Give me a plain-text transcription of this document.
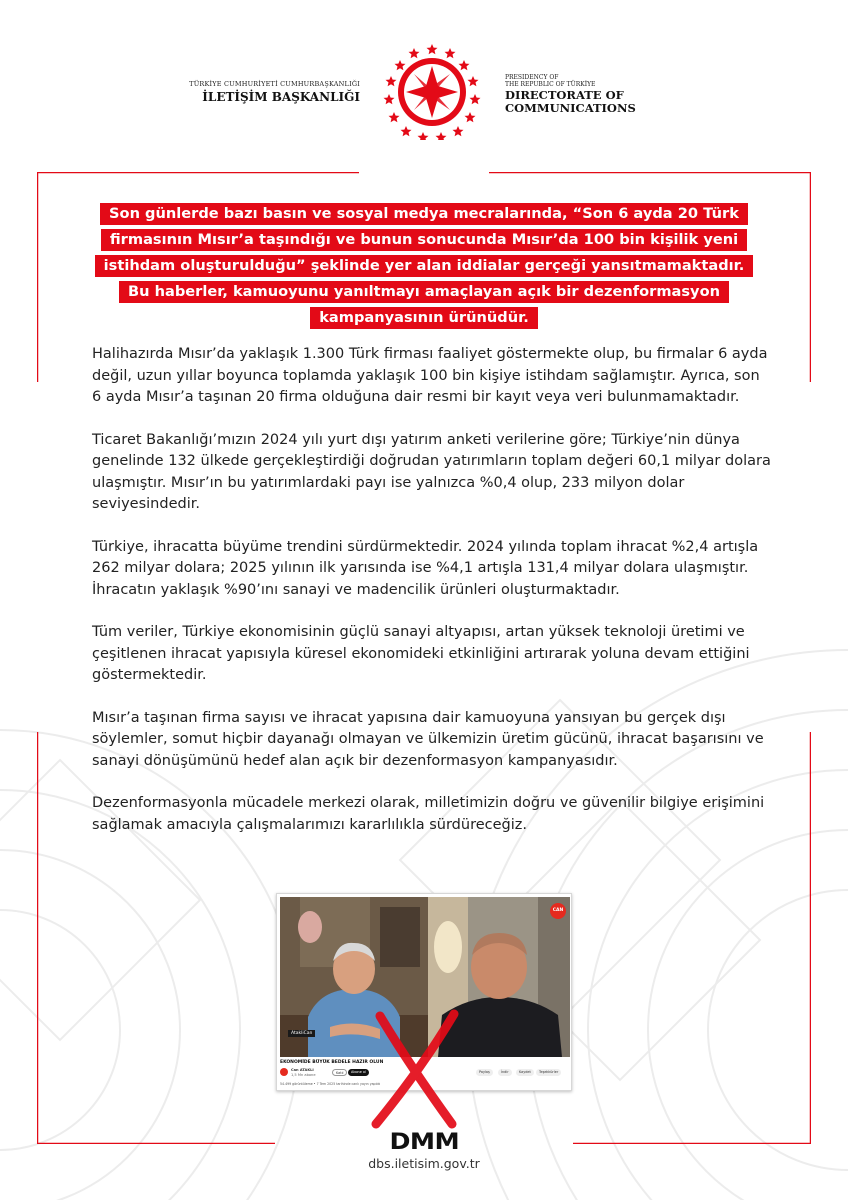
TÜRKİYE CUMHURİYETİ CUMHURBAŞKANLIĞI
İLETİŞİM BAŞKANLIĞI
PRESIDENCY OF
THE REPUBLIC OF TÜRKİYE
DIRECTORATE OF
COMMUNICATIONS
Son günlerde bazı basın ve sosyal medya mecralarında, “Son 6 ayda 20 Türk
firmasının Mısır’a taşındığı ve bunun sonucunda Mısır’da 100 bin kişilik yeni
istihdam oluşturulduğu” şeklinde yer alan iddialar gerçeği yansıtmamaktadır.
Bu haberler, kamuoyunu yanıltmayı amaçlayan açık bir dezenformasyon
kampanyasının ürünüdür.

Halihazırda Mısır’da yaklaşık 1.300 Türk firması faaliyet göstermekte olup, bu firmalar 6 ayda değil, uzun yıllar boyunca toplamda yaklaşık 100 bin kişiye istihdam sağlamıştır. Ayrıca, son 6 ayda Mısır’a taşınan 20 firma olduğuna dair resmi bir kayıt veya veri bulunmamaktadır.

Ticaret Bakanlığı’mızın 2024 yılı yurt dışı yatırım anketi verilerine göre; Türkiye’nin dünya genelinde 132 ülkede gerçekleştirdiği doğrudan yatırımların toplam değeri 60,1 milyar dolara ulaşmıştır. Mısır’ın bu yatırımlardaki payı ise yalnızca %0,4 olup, 233 milyon dolar seviyesindedir.

Türkiye, ihracatta büyüme trendini sürdürmektedir. 2024 yılında toplam ihracat %2,4 artışla 262 milyar dolara; 2025 yılının ilk yarısında ise %4,1 artışla 131,4 milyar dolara ulaşmıştır. İhracatın yaklaşık %90’ını sanayi ve madencilik ürünleri oluşturmaktadır.

Tüm veriler, Türkiye ekonomisinin güçlü sanayi altyapısı, artan yüksek teknoloji üretimi ve çeşitlenen ihracat yapısıyla küresel ekonomideki etkinliğini artırarak yoluna devam ettiğini göstermektedir.

Mısır’a taşınan firma sayısı ve ihracat yapısına dair kamuoyuna yansıyan bu gerçek dışı söylemler, somut hiçbir dayanağı olmayan ve ülkemizin üretim gücünü, ihracat başarısını ve sanayi dönüşümünü hedef alan açık bir dezenformasyon kampanyasıdır.

Dezenformasyonla mücadele merkezi olarak, milletimizin doğru ve güvenilir bilgiye erişimini sağlamak amacıyla çalışmalarımızı kararlılıkla sürdüreceğiz.

AtakliCan
CAN
EKONOMİDE BÜYÜK BEDELE HAZIR OLUN
Can ATAKLI
1,5 Mn abone	Katıl	Abone ol	Paylaş	İndir	Kaydet	Teşekkürler
54.499 görüntüleme • 7 Tem 2025 tarihinde canlı yayın yapıldı
DMM
dbs.iletisim.gov.tr
